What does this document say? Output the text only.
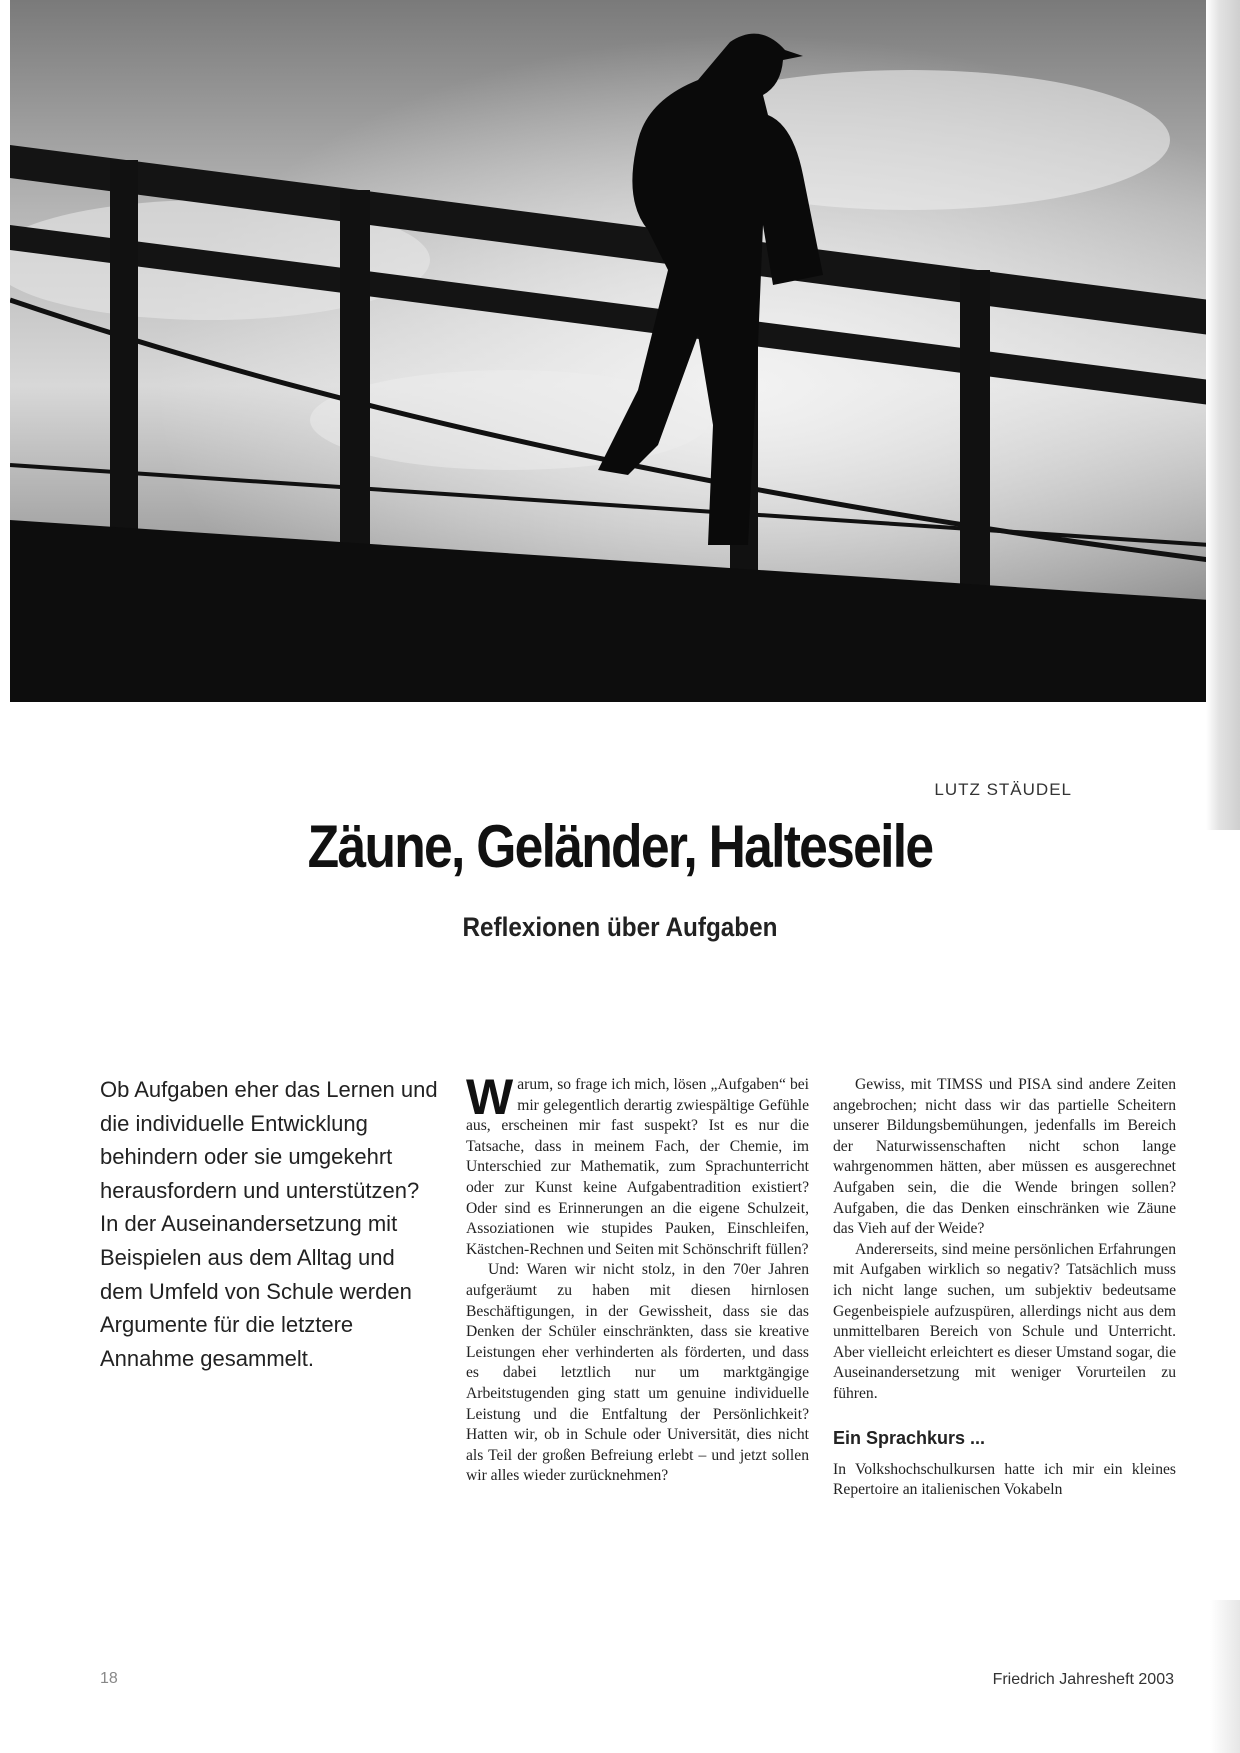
LUTZ STÄUDEL
Zäune, Geländer, Halteseile
Reflexionen über Aufgaben
Ob Aufgaben eher das Lernen und die individuelle Entwicklung behindern oder sie umgekehrt herausfordern und unterstützen? In der Auseinandersetzung mit Beispielen aus dem Alltag und dem Umfeld von Schule werden Argumente für die letztere Annahme gesammelt.

Warum, so frage ich mich, lösen „Aufgaben“ bei mir gelegentlich derartig zwiespältige Gefühle aus, erscheinen mir fast suspekt? Ist es nur die Tatsache, dass in meinem Fach, der Chemie, im Unterschied zur Mathematik, zum Sprachunterricht oder zur Kunst keine Aufgabentradition existiert? Oder sind es Erinnerungen an die eigene Schulzeit, Assoziationen wie stupides Pauken, Einschleifen, Kästchen-Rechnen und Seiten mit Schönschrift füllen?

Und: Waren wir nicht stolz, in den 70er Jahren aufgeräumt zu haben mit diesen hirnlosen Beschäftigungen, in der Gewissheit, dass sie das Denken der Schüler einschränkten, dass sie kreative Leistungen eher verhinderten als förderten, und dass es dabei letztlich nur um marktgängige Arbeitstugenden ging statt um genuine individuelle Leistung und die Entfaltung der Persönlichkeit? Hatten wir, ob in Schule oder Universität, dies nicht als Teil der großen Befreiung erlebt – und jetzt sollen wir alles wieder zurücknehmen?

Gewiss, mit TIMSS und PISA sind andere Zeiten angebrochen; nicht dass wir das partielle Scheitern unserer Bildungsbemühungen, jedenfalls im Bereich der Naturwissenschaften nicht schon lange wahrgenommen hätten, aber müssen es ausgerechnet Aufgaben sein, die die Wende bringen sollen? Aufgaben, die das Denken einschränken wie Zäune das Vieh auf der Weide?

Andererseits, sind meine persönlichen Erfahrungen mit Aufgaben wirklich so negativ? Tatsächlich muss ich nicht lange suchen, um subjektiv bedeutsame Gegenbeispiele aufzuspüren, allerdings nicht aus dem unmittelbaren Bereich von Schule und Unterricht. Aber vielleicht erleichtert es dieser Umstand sogar, die Auseinandersetzung mit weniger Vorurteilen zu führen.

Ein Sprachkurs ...

In Volkshochschulkursen hatte ich mir ein kleines Repertoire an italienischen Vokabeln

18	Friedrich Jahresheft 2003
